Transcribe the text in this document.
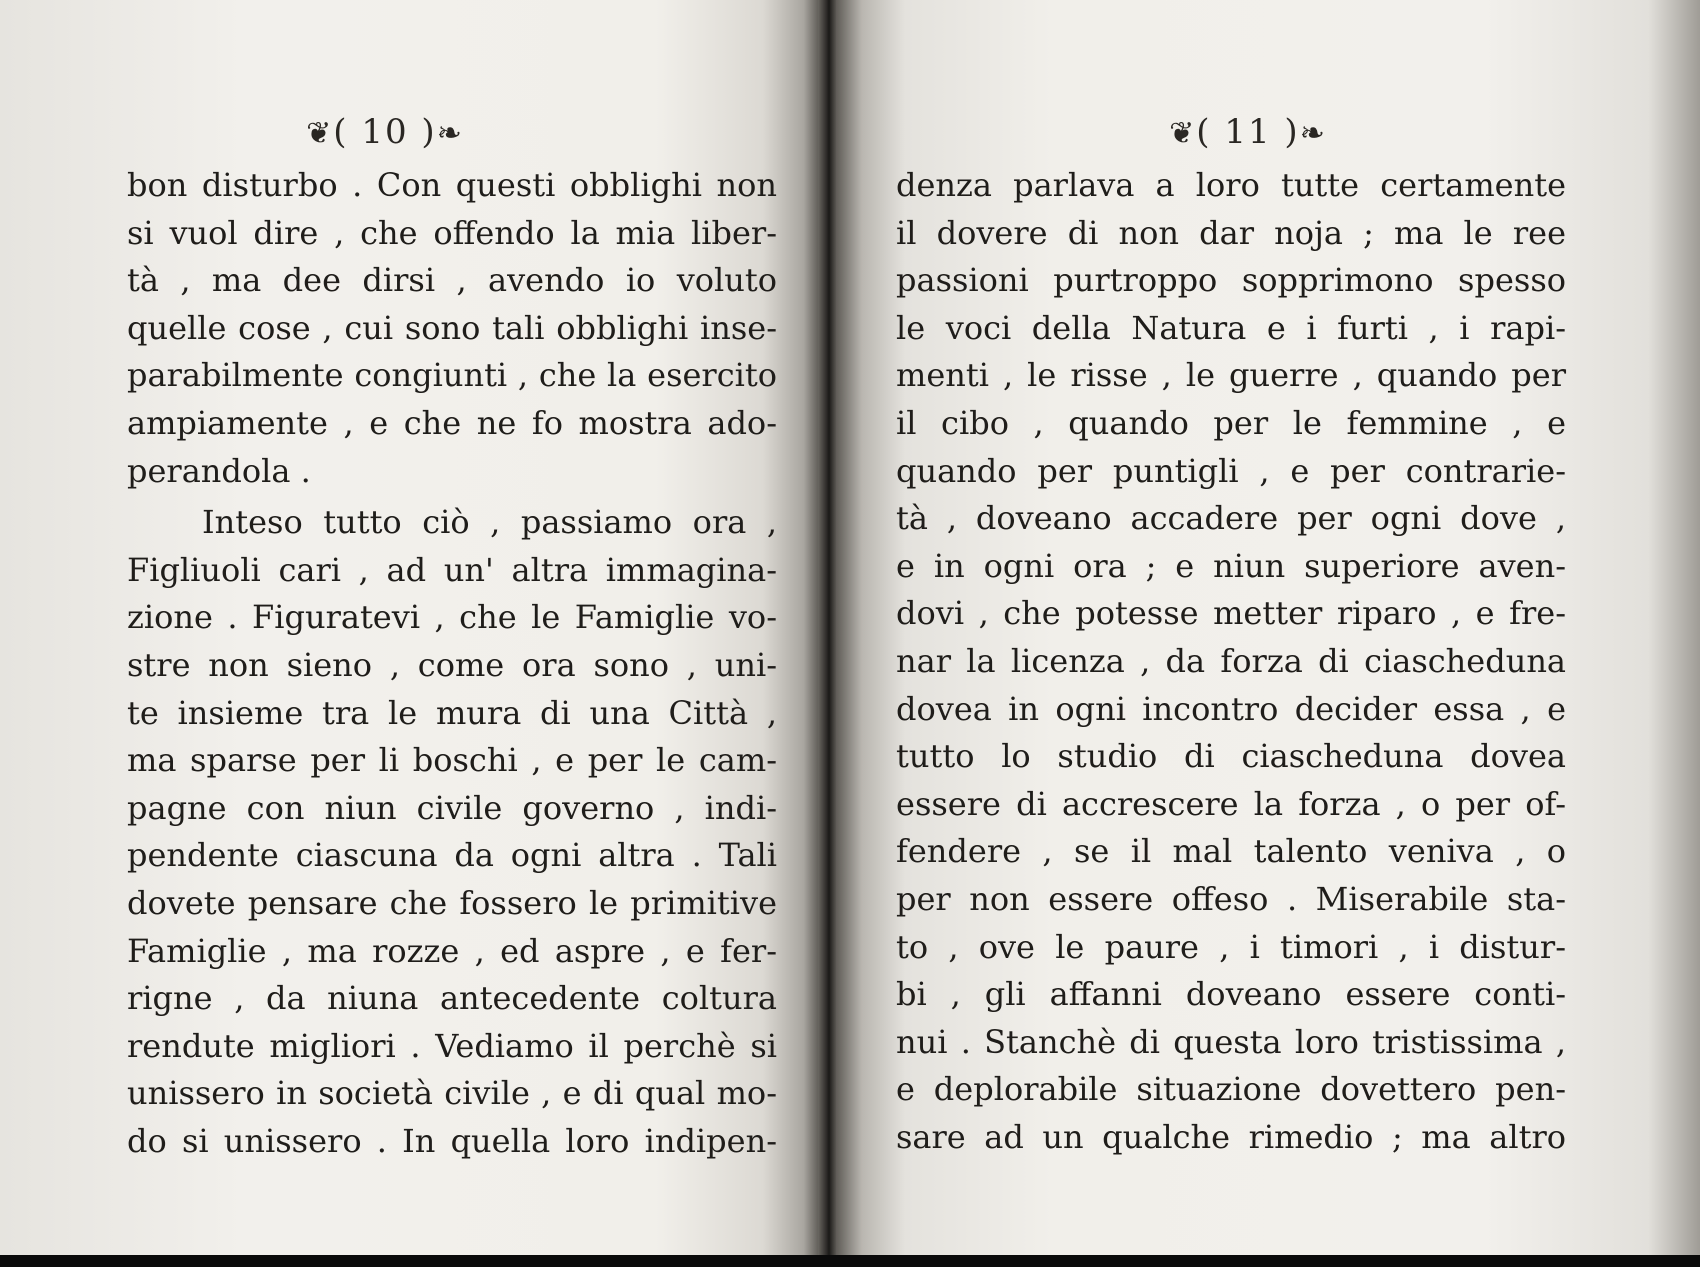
❦( 10 )❧
bon disturbo . Con questi obblighi non
si vuol dire , che offendo la mia liber-
tà , ma dee dirsi , avendo io voluto
quelle cose , cui sono tali obblighi inse-
parabilmente congiunti , che la esercito
ampiamente , e che ne fo mostra ado-
perandola .
Inteso tutto ciò , passiamo ora ,
Figliuoli cari , ad un' altra immagina-
zione . Figuratevi , che le Famiglie vo-
stre non sieno , come ora sono , uni-
te insieme tra le mura di una Città ,
ma sparse per li boschi , e per le cam-
pagne con niun civile governo , indi-
pendente ciascuna da ogni altra . Tali
dovete pensare che fossero le primitive
Famiglie , ma rozze , ed aspre , e fer-
rigne , da niuna antecedente coltura
rendute migliori . Vediamo il perchè si
unissero in società civile , e di qual mo-
do si unissero . In quella loro indipen-
❦( 11 )❧
denza parlava a loro tutte certamente
il dovere di non dar noja ; ma le ree
passioni purtroppo sopprimono spesso
le voci della Natura e i furti , i rapi-
menti , le risse , le guerre , quando per
il cibo , quando per le femmine , e
quando per puntigli , e per contrarie-
tà , doveano accadere per ogni dove ,
e in ogni ora ; e niun superiore aven-
dovi , che potesse metter riparo , e fre-
nar la licenza , da forza di ciascheduna
dovea in ogni incontro decider essa , e
tutto lo studio di ciascheduna dovea
essere di accrescere la forza , o per of-
fendere , se il mal talento veniva , o
per non essere offeso . Miserabile sta-
to , ove le paure , i timori , i distur-
bi , gli affanni doveano essere conti-
nui . Stanchè di questa loro tristissima ,
e deplorabile situazione dovettero pen-
sare ad un qualche rimedio ; ma altro
